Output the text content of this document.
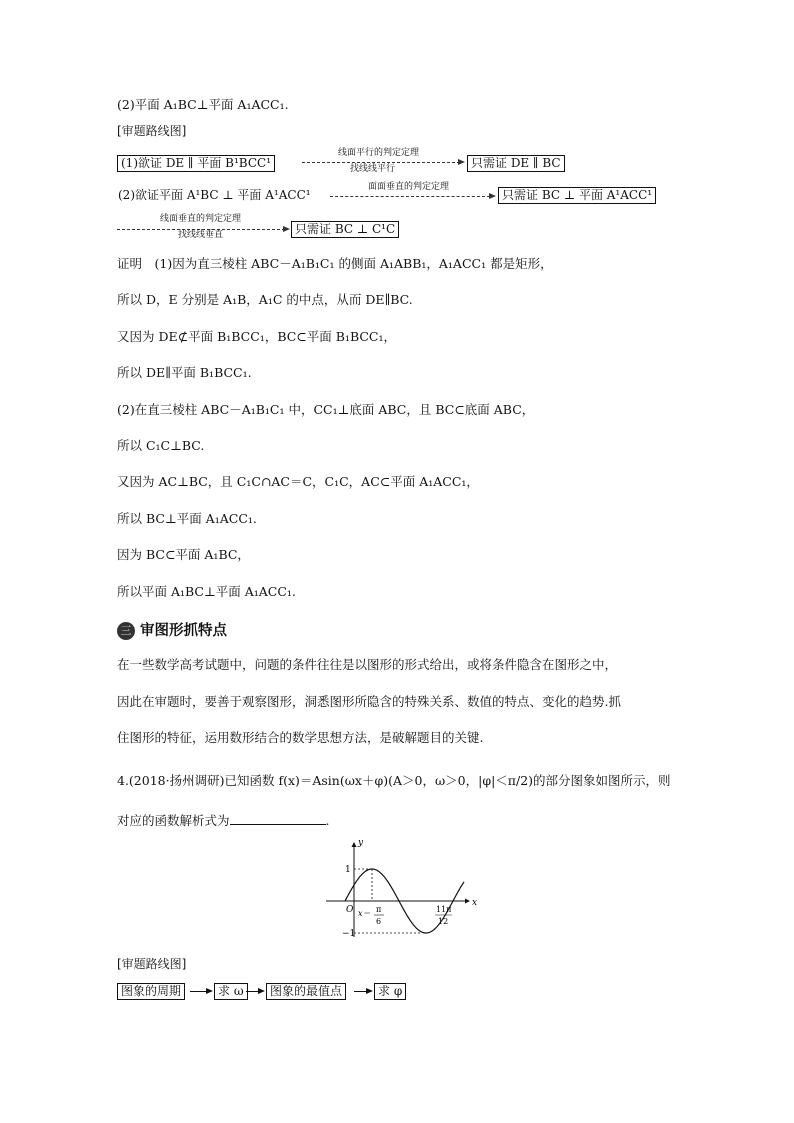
(2)平面 A₁BC⊥平面 A₁ACC₁.
[审题路线图]
(1)欲证 DE ∥ 平面 B¹BCC¹
线面平行的判定定理
找线线平行	只需证 DE ∥ BC
(2)欲证平面 A¹BC ⊥ 平面 A¹ACC¹
面面垂直的判定定理
只需证 BC ⊥ 平面 A¹ACC¹
线面垂直的判定定理
找线线垂直	只需证 BC ⊥ C¹C
证明　(1)因为直三棱柱 ABC－A₁B₁C₁ 的侧面 A₁ABB₁，A₁ACC₁ 都是矩形，
所以 D，E 分别是 A₁B，A₁C 的中点，从而 DE∥BC.
又因为 DE⊄平面 B₁BCC₁，BC⊂平面 B₁BCC₁，
所以 DE∥平面 B₁BCC₁.
(2)在直三棱柱 ABC－A₁B₁C₁ 中，CC₁⊥底面 ABC，且 BC⊂底面 ABC，
所以 C₁C⊥BC.
又因为 AC⊥BC，且 C₁C∩AC＝C，C₁C，AC⊂平面 A₁ACC₁，
所以 BC⊥平面 A₁ACC₁.
因为 BC⊂平面 A₁BC，
所以平面 A₁BC⊥平面 A₁ACC₁.
三 审图形抓特点
在一些数学高考试题中，问题的条件往往是以图形的形式给出，或将条件隐含在图形之中，
因此在审题时，要善于观察图形，洞悉图形所隐含的特殊关系、数值的特点、变化的趋势.抓
住图形的特征，运用数形结合的数学思想方法，是破解题目的关键.
4.(2018·扬州调研)已知函数 f(x)＝Asin(ωx＋φ)(A＞0，ω＞0，|φ|＜π/2)的部分图象如图所示，则
对应的函数解析式为	.
y
x
1
−1
O x＝ π
6
11π
12
[审题路线图]
图象的周期	求 ω	图象的最值点	求 φ
